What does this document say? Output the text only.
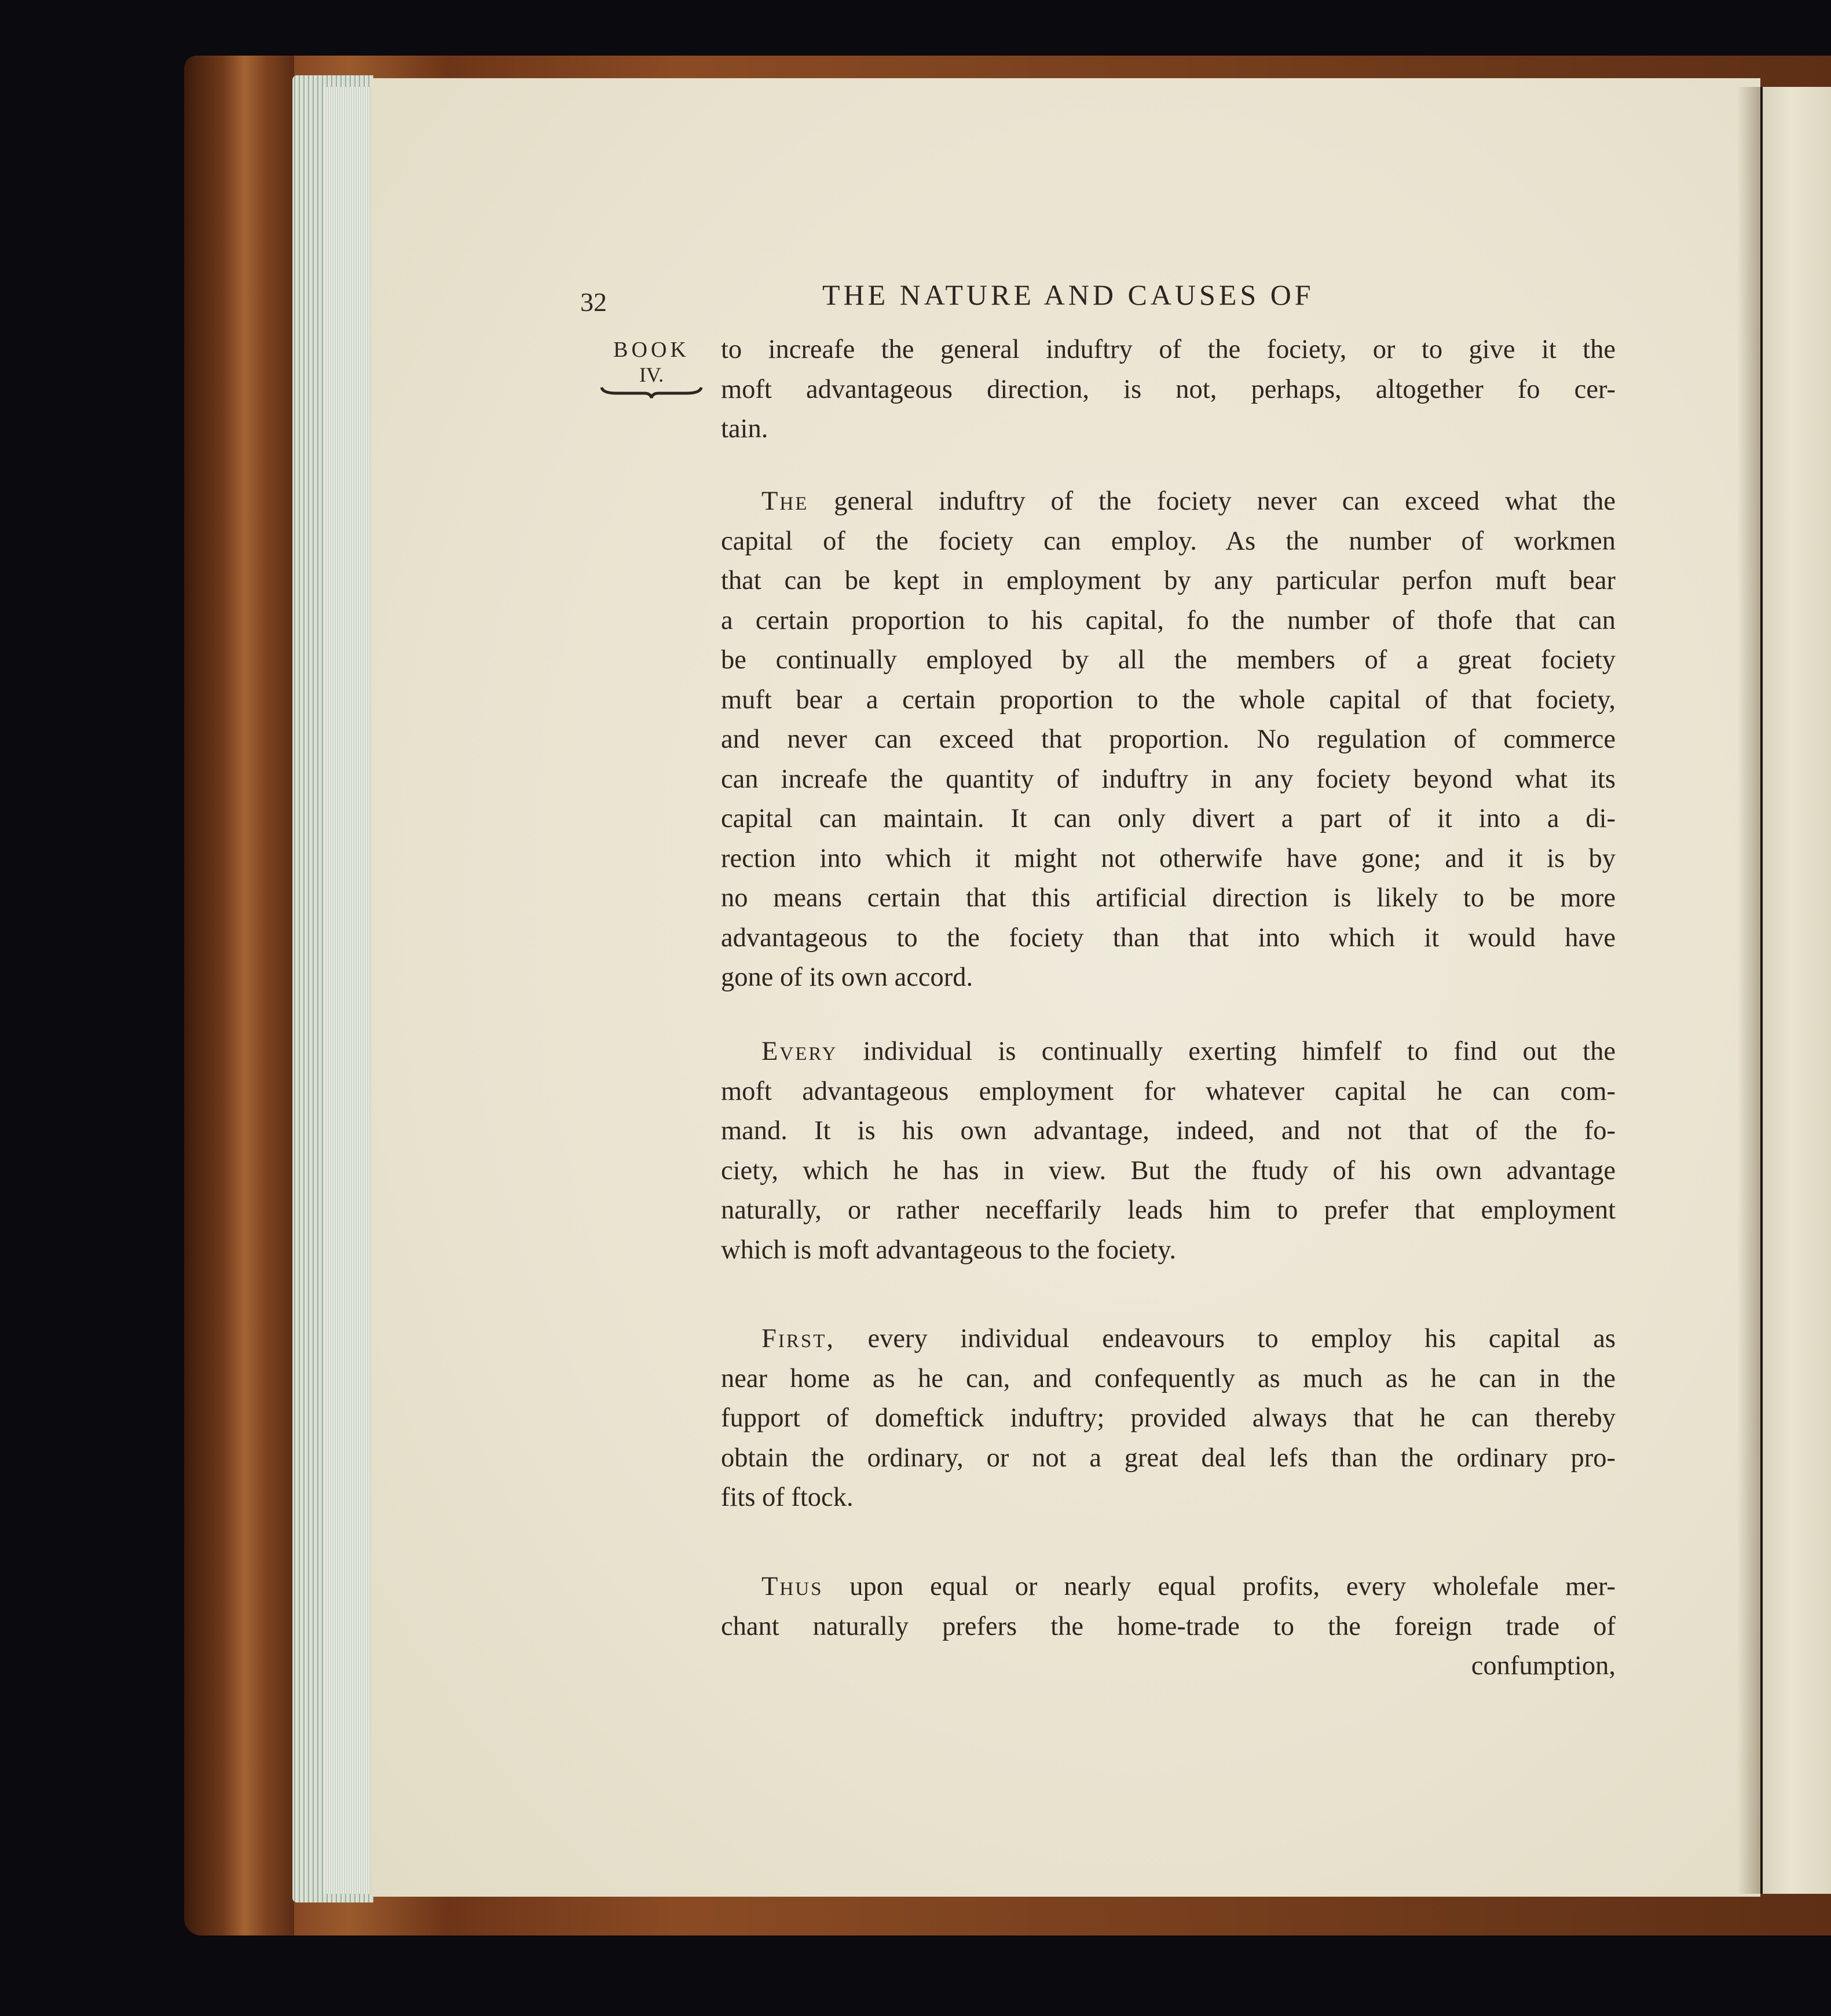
32	THE NATURE AND CAUSES OF
BOOK
IV.
to increafe the general induftry of the fociety, or to give it the
moft advantageous direction, is not, perhaps, altogether fo cer-
tain.
The general induftry of the fociety never can exceed what the
capital of the fociety can employ. As the number of workmen
that can be kept in employment by any particular perfon muft bear
a certain proportion to his capital, fo the number of thofe that can
be continually employed by all the members of a great fociety
muft bear a certain proportion to the whole capital of that fociety,
and never can exceed that proportion. No regulation of commerce
can increafe the quantity of induftry in any fociety beyond what its
capital can maintain. It can only divert a part of it into a di-
rection into which it might not otherwife have gone; and it is by
no means certain that this artificial direction is likely to be more
advantageous to the fociety than that into which it would have
gone of its own accord.
Every individual is continually exerting himfelf to find out the
moft advantageous employment for whatever capital he can com-
mand. It is his own advantage, indeed, and not that of the fo-
ciety, which he has in view. But the ftudy of his own advantage
naturally, or rather neceffarily leads him to prefer that employment
which is moft advantageous to the fociety.
First, every individual endeavours to employ his capital as
near home as he can, and confequently as much as he can in the
fupport of domeftick induftry; provided always that he can thereby
obtain the ordinary, or not a great deal lefs than the ordinary pro-
fits of ftock.
Thus upon equal or nearly equal profits, every wholefale mer-
chant naturally prefers the home-trade to the foreign trade of
confumption,
